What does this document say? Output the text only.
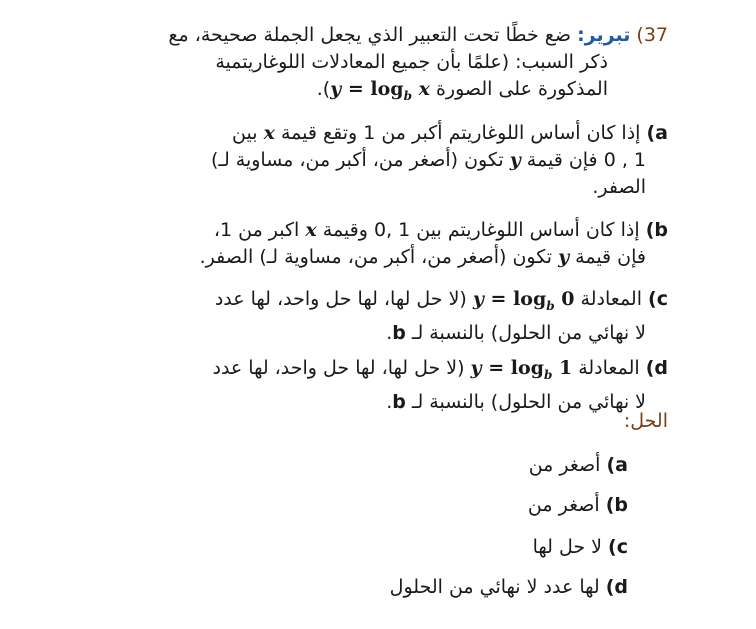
37) تبرير: ضع خطًا تحت التعبير الذي يجعل الجملة صحيحة، مع
ذكر السبب: (علمًا بأن جميع المعادلات اللوغاريتمية
المذكورة على الصورة $y = \log_b x$).
a) إذا كان أساس اللوغاريتم أكبر من 1 وتقع قيمة x بين
1 , 0 فإن قيمة y تكون (أصغر من، أكبر من، مساوية لـ)
الصفر.
b) إذا كان أساس اللوغاريتم بين 1 ,0 وقيمة x اكبر من 1،
فإن قيمة y تكون (أصغر من، أكبر من، مساوية لـ) الصفر.
c) المعادلة $y = \log_b 0$ (لا حل لها، لها حل واحد، لها عدد
لا نهائي من الحلول) بالنسبة لـ b.
d) المعادلة $y = \log_b 1$ (لا حل لها، لها حل واحد، لها عدد
لا نهائي من الحلول) بالنسبة لـ b.
الحل:
a) أصغر من
b) أصغر من
c) لا حل لها
d) لها عدد لا نهائي من الحلول
